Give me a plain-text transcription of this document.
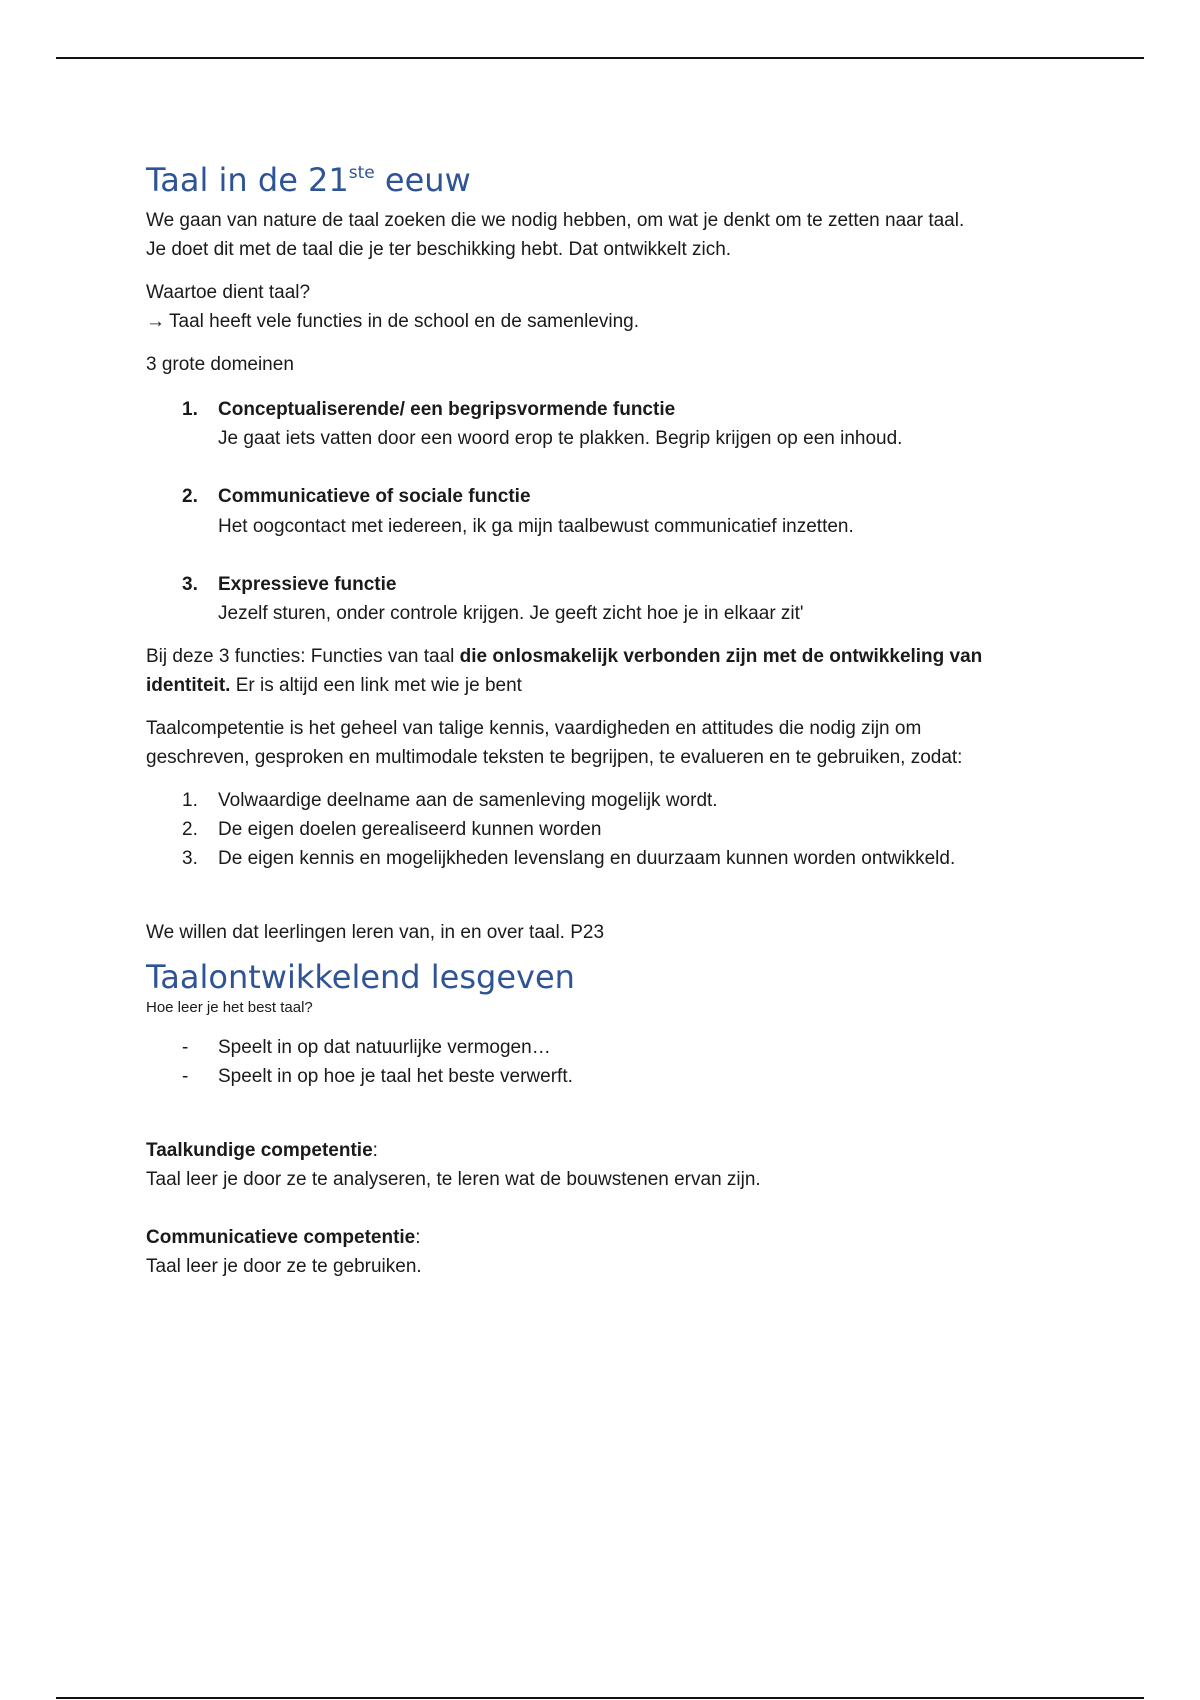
Taal in de 21ste eeuw

We gaan van nature de taal zoeken die we nodig hebben, om wat je denkt om te zetten naar taal.

Je doet dit met de taal die je ter beschikking hebt. Dat ontwikkelt zich.

Waartoe dient taal?

→ Taal heeft vele functies in de school en de samenleving.

3 grote domeinen

1. Conceptualiserende/ een begripsvormende functie
Je gaat iets vatten door een woord erop te plakken. Begrip krijgen op een inhoud.
2. Communicatieve of sociale functie
Het oogcontact met iedereen, ik ga mijn taalbewust communicatief inzetten.
3. Expressieve functie
Jezelf sturen, onder controle krijgen. Je geeft zicht hoe je in elkaar zit'

Bij deze 3 functies: Functies van taal die onlosmakelijk verbonden zijn met de ontwikkeling van identiteit. Er is altijd een link met wie je bent

Taalcompetentie is het geheel van talige kennis, vaardigheden en attitudes die nodig zijn om

geschreven, gesproken en multimodale teksten te begrijpen, te evalueren en te gebruiken, zodat:

1. Volwaardige deelname aan de samenleving mogelijk wordt.
2. De eigen doelen gerealiseerd kunnen worden
3. De eigen kennis en mogelijkheden levenslang en duurzaam kunnen worden ontwikkeld.

We willen dat leerlingen leren van, in en over taal. P23

Taalontwikkelend lesgeven

Hoe leer je het best taal?

- Speelt in op dat natuurlijke vermogen…
- Speelt in op hoe je taal het beste verwerft.

Taalkundige competentie:

Taal leer je door ze te analyseren, te leren wat de bouwstenen ervan zijn.

Communicatieve competentie:

Taal leer je door ze te gebruiken.
